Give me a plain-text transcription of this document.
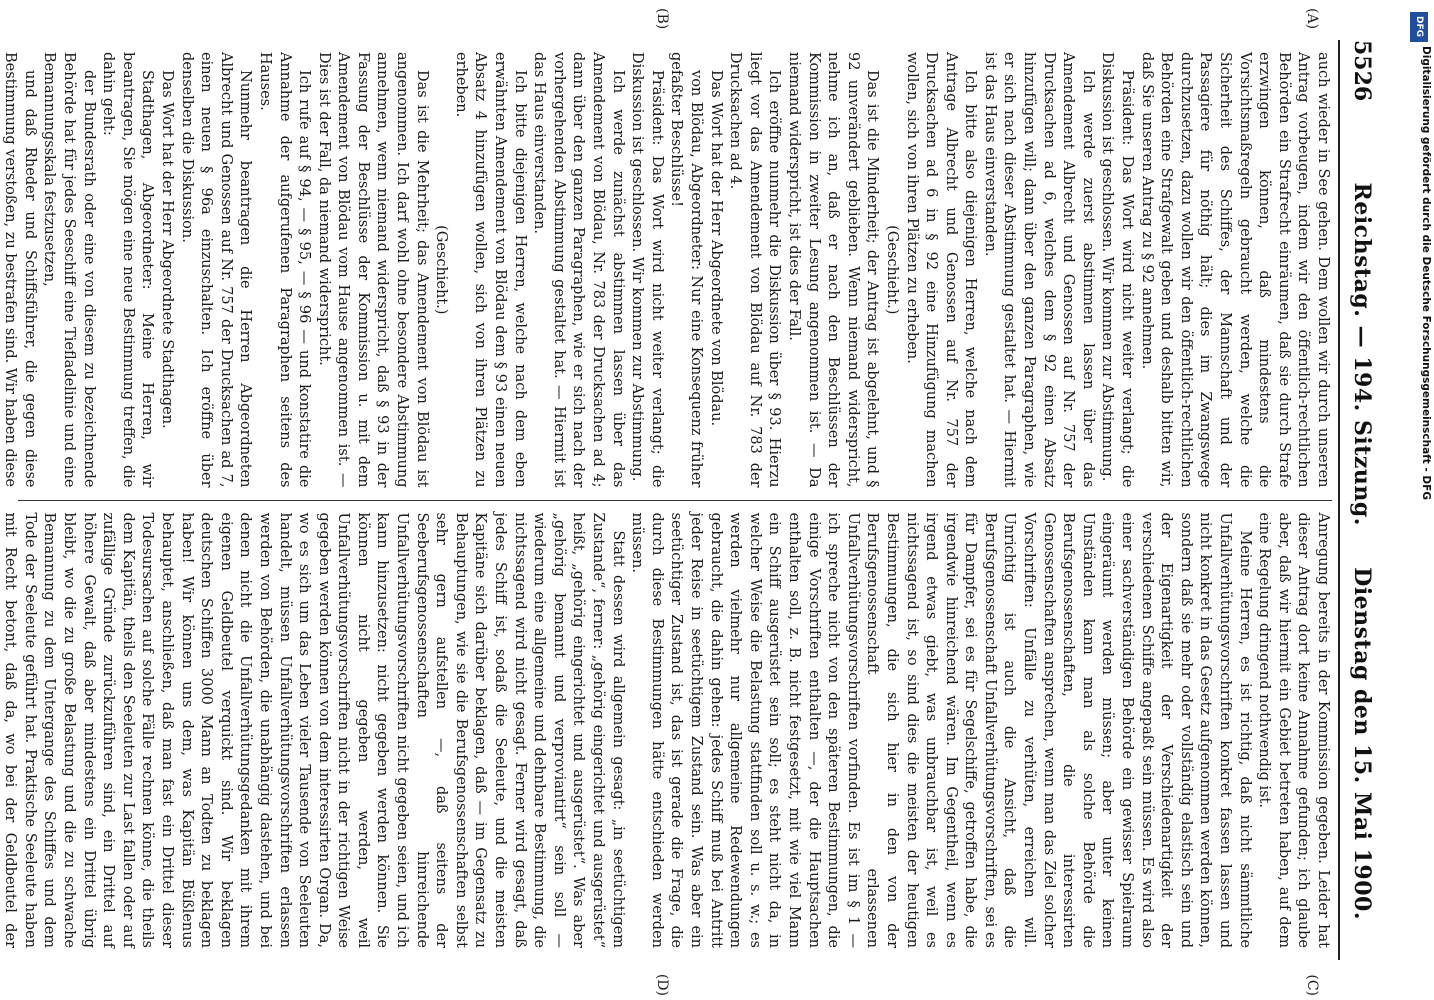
5526
Reichstag. — 194. Sitzung.
Dienstag den 15. Mai 1900.
(A)
(B)
(C)
(D)

auch wieder in See gehen. Dem wollen wir durch unseren Antrag vorbeugen, indem wir den öffentlich-rechtlichen Behörden ein Strafrecht einräumen, daß sie durch Strafe erzwingen können, daß mindestens die Vorsichtsmaßregeln gebraucht werden, welche die Sicherheit des Schiffes, der Mannschaft und der Passagiere für nöthig hält; dies im Zwangswege durchzusetzen, dazu wollen wir den öffentlich-rechtlichen Behörden eine Strafgewalt geben und deshalb bitten wir, daß Sie unseren Antrag zu § 92 annehmen.

Präsident: Das Wort wird nicht weiter verlangt; die Diskussion ist geschlossen. Wir kommen zur Abstimmung.

Ich werde zuerst abstimmen lassen über das Amendement Albrecht und Genossen auf Nr. 757 der Drucksachen ad 6, welches dem § 92 einen Absatz hinzufügen will; dann über den ganzen Paragraphen, wie er sich nach dieser Abstimmung gestaltet hat. — Hiermit ist das Haus einverstanden.

Ich bitte also diejenigen Herren, welche nach dem Antrage Albrecht und Genossen auf Nr. 757 der Drucksachen ad 6 in § 92 eine Hinzufügung machen wollen, sich von ihren Plätzen zu erheben.

(Geschieht.)

Das ist die Minderheit; der Antrag ist abgelehnt, und § 92 unverändert geblieben. Wenn niemand widerspricht, nehme ich an, daß er nach den Beschlüssen der Kommission in zweiter Lesung angenommen ist. — Da niemand widerspricht, ist dies der Fall.

Ich eröffne nunmehr die Diskussion über § 93. Hierzu liegt vor das Amendement von Blödau auf Nr. 783 der Drucksachen ad 4.

Das Wort hat der Herr Abgeordnete von Blödau.

von Blödau, Abgeordneter: Nur eine Konsequenz früher gefaßter Beschlüsse!

Präsident: Das Wort wird nicht weiter verlangt; die Diskussion ist geschlossen. Wir kommen zur Abstimmung.

Ich werde zunächst abstimmen lassen über das Amendement von Blödau, Nr. 783 der Drucksachen ad 4; dann über den ganzen Paragraphen, wie er sich nach der vorhergehenden Abstimmung gestaltet hat. — Hiermit ist das Haus einverstanden.

Ich bitte diejenigen Herren, welche nach dem eben erwähnten Amendement von Blödau dem § 93 einen neuen Absatz 4 hinzufügen wollen, sich von ihren Plätzen zu erheben.

(Geschieht.)

Das ist die Mehrheit; das Amendement von Blödau ist angenommen. Ich darf wohl ohne besondere Abstimmung annehmen, wenn niemand widerspricht, daß § 93 in der Fassung der Beschlüsse der Kommission u. mit dem Amendement von Blödau vom Hause angenommen ist. — Dies ist der Fall, da niemand widerspricht.

Ich rufe auf § 94, — § 95, — § 96 — und konstatire die Annahme der aufgerufenen Paragraphen seitens des Hauses.

Nunmehr beantragen die Herren Abgeordneten Albrecht und Genossen auf Nr. 757 der Drucksachen ad 7, einen neuen § 96a einzuschalten. Ich eröffne über denselben die Diskussion.

Das Wort hat der Herr Abgeordnete Stadthagen.

Stadthagen, Abgeordneter: Meine Herren, wir beantragen, Sie mögen eine neue Bestimmung treffen, die dahin geht:

der Bundesrath oder eine von diesem zu bezeichnende Behörde hat für jedes Seeschiff eine Tiefladelinie und eine Bemannungsskala festzusetzen,

und daß Rheder und Schiffsführer, die gegen diese Bestimmung verstoßen, zu bestrafen sind. Wir haben diese

Anregung bereits in der Kommission gegeben. Leider hat dieser Antrag dort keine Annahme gefunden; ich glaube aber, daß wir hiermit ein Gebiet betreten haben, auf dem eine Regelung dringend nothwendig ist.

Meine Herren, es ist richtig, daß nicht sämmtliche Unfallverhütungsvorschriften konkret fassen lassen und nicht konkret in das Gesetz aufgenommen werden können, sondern daß sie mehr oder vollständig elastisch sein und der Eigenartigkeit der Verschiedenartigkeit der verschiedenen Schiffe angepaßt sein müssen. Es wird also einer sachverständigen Behörde ein gewisser Spielraum eingeräumt werden müssen; aber unter keinen Umständen kann man als solche Behörde die Berufsgenossenschaften, die interessirten Genossenschaften ansprechen, wenn man das Ziel solcher Vorschriften: Unfälle zu verhüten, erreichen will. Unrichtig ist auch die Ansicht, daß die Berufsgenossenschaft Unfallverhütungsvorschriften, sei es für Dampfer, sei es für Segelschiffe, getroffen habe, die irgendwie hinreichend wären. Im Gegentheil, wenn es irgend etwas giebt, was unbrauchbar ist, weil es nichtssagend ist, so sind dies die meisten der heutigen Bestimmungen, die sich hier in den von der Berufsgenossenschaft erlassenen Unfallverhütungsvorschriften vorfinden. Es ist im § 1 — ich spreche nicht von den späteren Bestimmungen, die einige Vorschriften enthalten —, der die Hauptsachen enthalten soll, z. B. nicht festgesetzt, mit wie viel Mann ein Schiff ausgerüstet sein soll; es steht nicht da, in welcher Weise die Belastung stattfinden soll u. s. w.; es werden vielmehr nur allgemeine Redewendungen gebraucht, die dahin gehen: jedes Schiff muß bei Antritt jeder Reise in seetüchtigem Zustand sein. Was aber ein seetüchtiger Zustand ist, das ist gerade die Frage, die durch diese Bestimmungen hätte entschieden werden müssen.

Statt dessen wird allgemein gesagt: „in seetüchtigem Zustande“, ferner: „gehörig eingerichtet und ausgerüstet“ heißt, „gehörig eingerichtet und ausgerüstet“. Was aber „gehörig bemannt und verproviantirt“ sein soll — wiederum eine allgemeine und dehnbare Bestimmung, die nichtssagend wird nicht gesagt. Ferner wird gesagt, daß jedes Schiff ist, sodaß die Seeleute, und die meisten Kapitäne sich darüber beklagen, daß — im Gegensatz zu Behauptungen, wie sie die Berufsgenossenschaften selbst sehr gern aufstellen —, daß seitens der Seeberufsgenossenschaften hinreichende Unfallverhütungsvorschriften nicht gegeben seien, und ich kann hinzusetzen: nicht gegeben werden können. Sie können nicht gegeben werden, weil Unfallverhütungsvorschriften nicht in der richtigen Weise gegeben werden können von dem interessirten Organ. Da, wo es sich um das Leben vieler Tausende von Seeleuten handelt, müssen Unfallverhütungsvorschriften erlassen werden von Behörden, die unabhängig dastehen, und bei denen nicht die Unfallverhütungsgedanken mit ihrem eigenen Geldbeutel verquickt sind. Wir beklagen deutschen Schiffen 3000 Mann an Todten zu beklagen haben! Wir können uns dem, was Kapitän Büßlenus behauptet, anschließen, daß man fast ein Drittel dieser Todesursachen auf solche Fälle rechnen könne, die theils dem Kapitän, theils den Seeleuten zur Last fallen oder auf zufällige Gründe zurückzuführen sind, ein Drittel auf höhere Gewalt, daß aber mindestens ein Drittel übrig bleibt, wo die zu große Belastung und die zu schwache Bemannung zu dem Untergange des Schiffes und dem Tode der Seeleute geführt hat. Praktische Seeleute haben mit Recht betont, daß da, wo bei der Geldbeutel der

DFG
Digitalisierung gefördert durch die Deutsche Forschungsgemeinschaft - DFG
